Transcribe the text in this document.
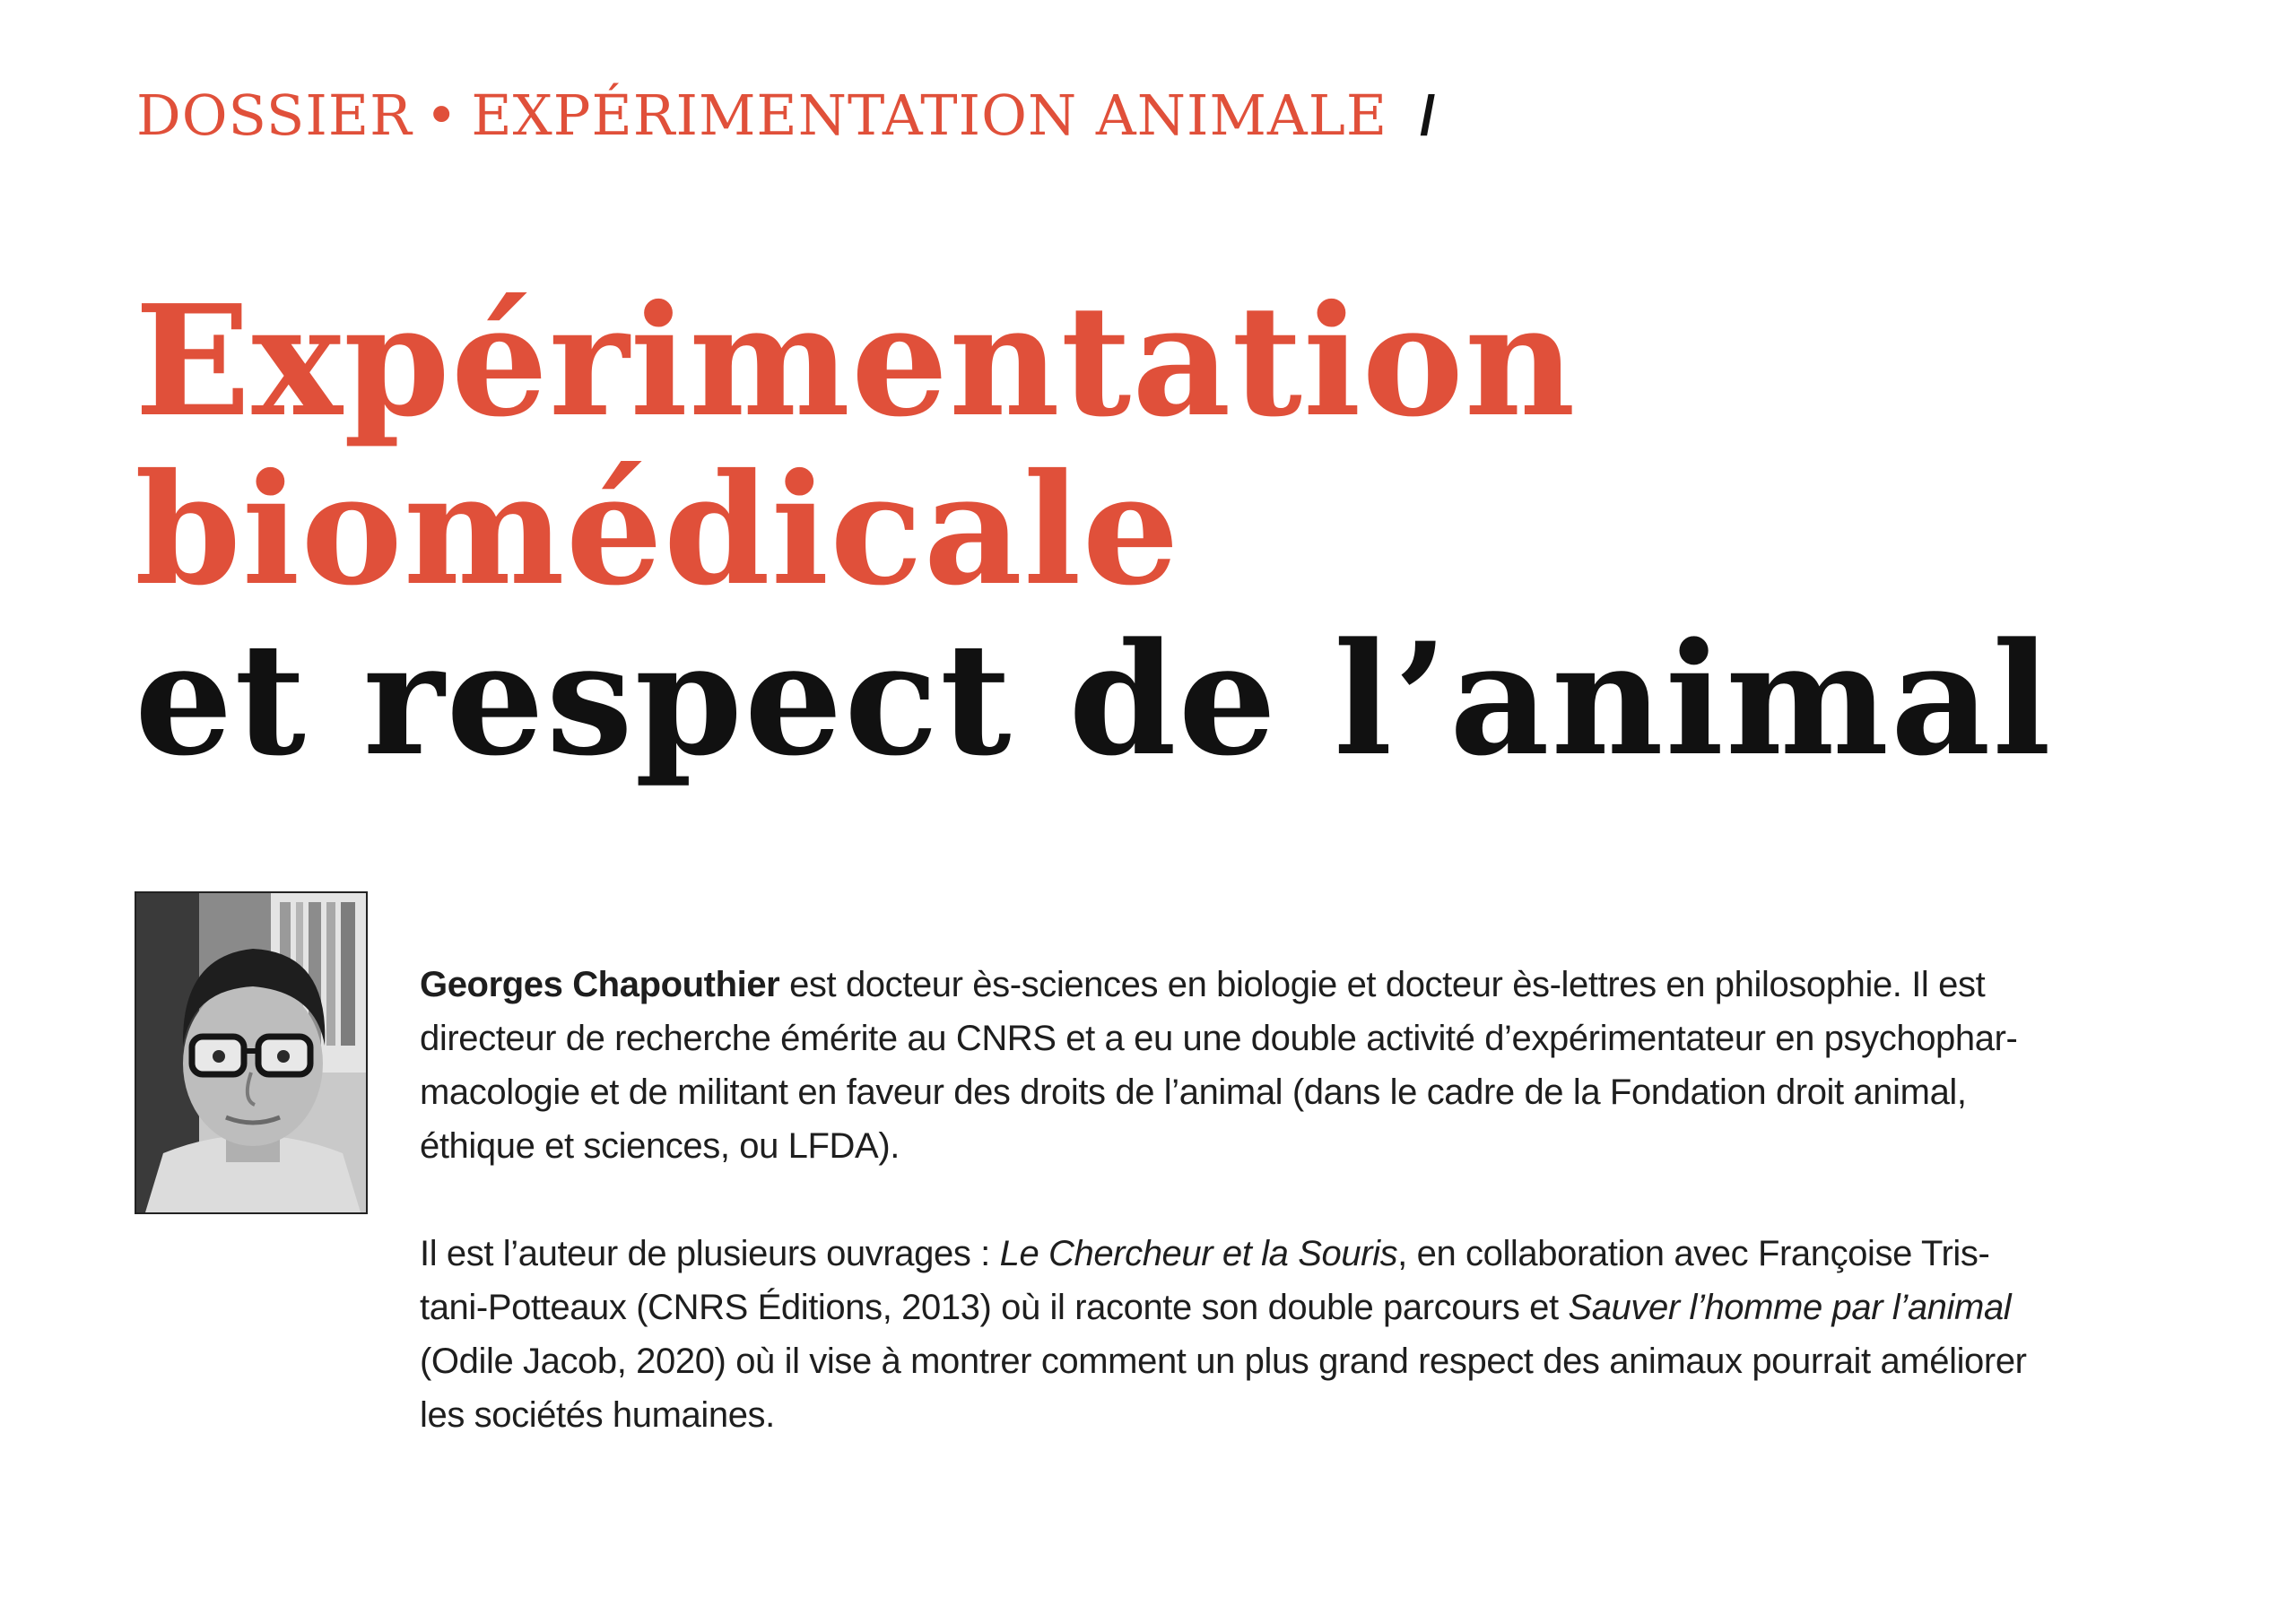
DOSSIER • EXPÉRIMENTATION ANIMALE /
Expérimentation
biomédicale
et respect de l’animal

Georges Chapouthier est docteur ès-sciences en biologie et docteur ès-lettres en philosophie. Il est
directeur de recherche émérite au CNRS et a eu une double activité d’expérimentateur en psychophar-
macologie et de militant en faveur des droits de l’animal (dans le cadre de la Fondation droit animal,
éthique et sciences, ou LFDA).

Il est l’auteur de plusieurs ouvrages : Le Chercheur et la Souris, en collaboration avec Françoise Tris-
tani-Potteaux (CNRS Éditions, 2013) où il raconte son double parcours et Sauver l’homme par l’animal
(Odile Jacob, 2020) où il vise à montrer comment un plus grand respect des animaux pourrait améliorer
les sociétés humaines.
